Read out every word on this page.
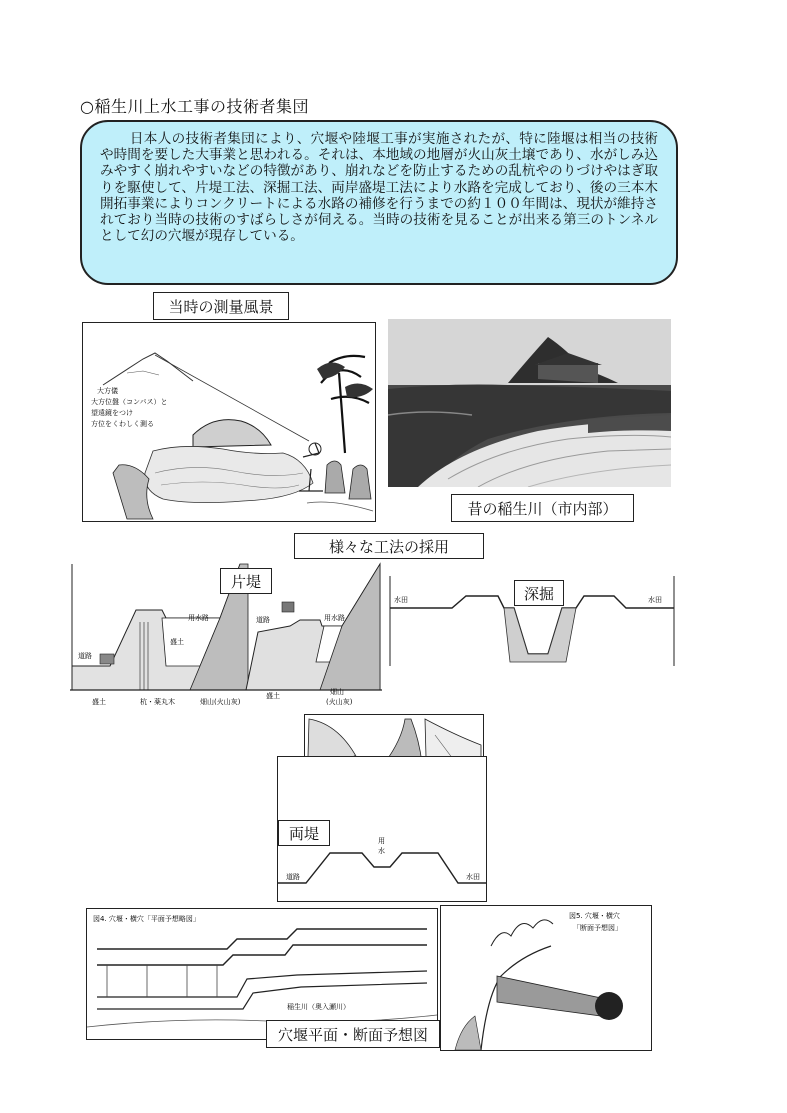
○稲生川上水工事の技術者集団

日本人の技術者集団により、穴堰や陸堰工事が実施されたが、特に陸堰は相当の技術や時間を要した大事業と思われる。それは、本地域の地層が火山灰土壌であり、水がしみ込みやすく崩れやすいなどの特徴があり、崩れなどを防止するための乱杭やのりづけやはぎ取りを駆使して、片堤工法、深掘工法、両岸盛堤工法により水路を完成しており、後の三本木開拓事業によりコンクリートによる水路の補修を行うまでの約１００年間は、現状が維持されており当時の技術のすばらしさが伺える。当時の技術を見ることが出来る第三のトンネルとして幻の穴堰が現存している。

当時の測量風景
大方儀
大方位盤（コンパス）と
望遠鏡をつけ
方位をくわしく測る
昔の稲生川（市内部）
様々な工法の採用
道路
盛土
用水路
盛土	杭・薬丸木	畑山(火山灰)
道路	用水路
盛土	畑山
(火山灰)
片堤
水田	水田
深掘
用
水
道路	水田
両堤
図4. 穴堰・横穴「平面予想略図」
稲生川（奥入瀬川）
図5. 穴堰・横穴
「断面予想図」
穴堰平面・断面予想図
